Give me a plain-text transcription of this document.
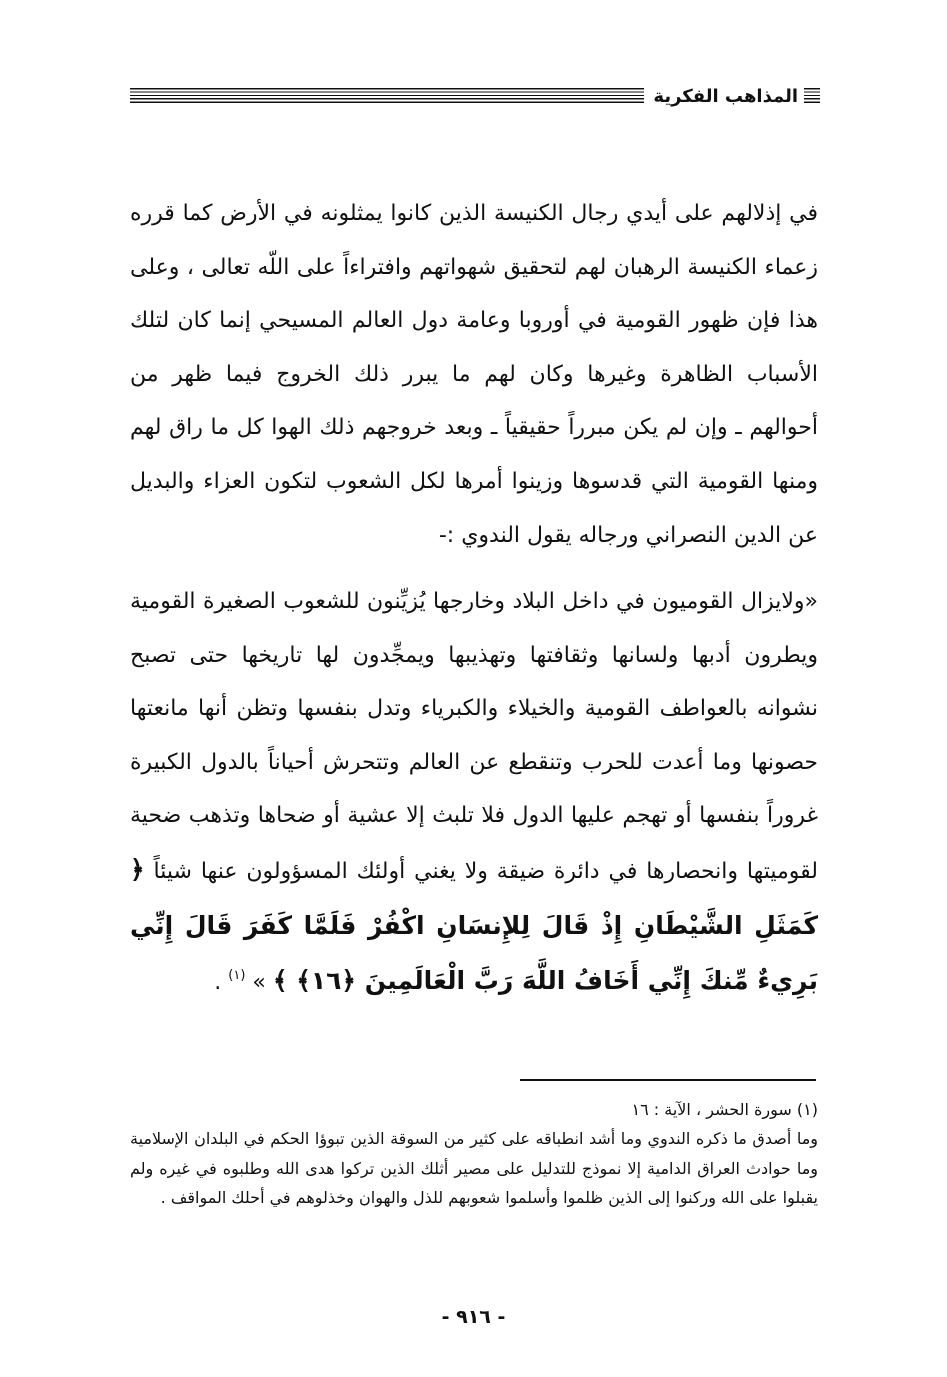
المذاهب الفكرية
في إذلالهم على أيدي رجال الكنيسة الذين كانوا يمثلونه في الأرض كما قرره زعماء الكنيسة الرهبان لهم لتحقيق شهواتهم وافتراءاً على اللّه تعالى ، وعلى هذا فإن ظهور القومية في أوروبا وعامة دول العالم المسيحي إنما كان لتلك الأسباب الظاهرة وغيرها وكان لهم ما يبرر ذلك الخروج فيما ظهر من أحوالهم ـ وإن لم يكن مبرراً حقيقياً ـ وبعد خروجهم ذلك الهوا كل ما راق لهم ومنها القومية التي قدسوها وزينوا أمرها لكل الشعوب لتكون العزاء والبديل عن الدين النصراني ورجاله يقول الندوي :-
«ولايزال القوميون في داخل البلاد وخارجها يُزيِّنون للشعوب الصغيرة القومية ويطرون أدبها ولسانها وثقافتها وتهذيبها ويمجِّدون لها تاريخها حتى تصبح نشوانه بالعواطف القومية والخيلاء والكبرياء وتدل بنفسها وتظن أنها مانعتها حصونها وما أعدت للحرب وتنقطع عن العالم وتتحرش أحياناً بالدول الكبيرة غروراً بنفسها أو تهجم عليها الدول فلا تلبث إلا عشية أو ضحاها وتذهب ضحية لقوميتها وانحصارها في دائرة ضيقة ولا يغني أولئك المسؤولون عنها شيئاً ﴿ كَمَثَلِ الشَّيْطَانِ إِذْ قَالَ لِلإِنسَانِ اكْفُرْ فَلَمَّا كَفَرَ قَالَ إِنِّي بَرِيءٌ مِّنكَ إِنِّي أَخَافُ اللَّهَ رَبَّ الْعَالَمِينَ ﴿١٦﴾ ﴾ » $^{(١)}$ .
(١) سورة الحشر ، الآية : ١٦
وما أصدق ما ذكره الندوي وما أشد انطباقه على كثير من السوقة الذين تبوؤا الحكم في البلدان الإسلامية وما حوادث العراق الدامية إلا نموذج للتدليل على مصير أثلك الذين تركوا هدى الله وطلبوه في غيره ولم يقبلوا على الله وركنوا إلى الذين ظلموا وأسلموا شعوبهم للذل والهوان وخذلوهم في أحلك المواقف .
- ٩١٦ -
